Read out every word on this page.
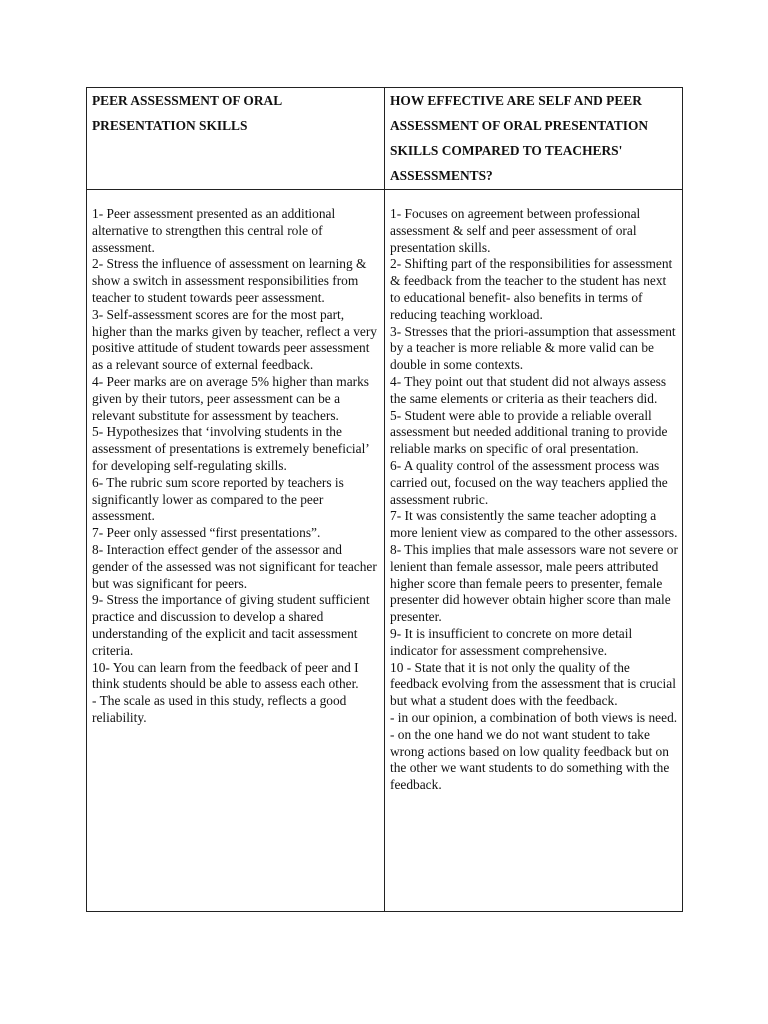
PEER ASSESSMENT OF ORAL PRESENTATION SKILLS
HOW EFFECTIVE ARE SELF AND PEER ASSESSMENT OF ORAL PRESENTATION SKILLS COMPARED TO TEACHERS' ASSESSMENTS?
1- Peer assessment presented as an additional alternative to strengthen this central role of assessment.
2- Stress the influence of assessment on learning & show a switch in assessment responsibilities from teacher to student towards peer assessment.
3- Self-assessment scores are for the most part, higher than the marks given by teacher, reflect a very positive attitude of student towards peer assessment as a relevant source of external feedback.
4- Peer marks are on average 5% higher than marks given by their tutors, peer assessment can be a relevant substitute for assessment by teachers.
5- Hypothesizes that ‘involving students in the assessment of presentations is extremely beneficial’ for developing self-regulating skills.
6- The rubric sum score reported by teachers is significantly lower as compared to the peer assessment.
7- Peer only assessed “first presentations”.
8- Interaction effect gender of the assessor and gender of the assessed was not significant for teacher but was significant for peers.
9- Stress the importance of giving student sufficient practice and discussion to develop a shared understanding of the explicit and tacit assessment criteria.
10- You can learn from the feedback of peer and I think students should be able to assess each other.
- The scale as used in this study, reflects a good reliability.
1- Focuses on agreement between professional assessment & self and peer assessment of oral presentation skills.
2- Shifting part of the responsibilities for assessment & feedback from the teacher to the student has next to educational benefit- also benefits in terms of reducing teaching workload.
3- Stresses that the priori-assumption that assessment by a teacher is more reliable & more valid can be double in some contexts.
4- They point out that student did not always assess the same elements or criteria as their teachers did.
5- Student were able to provide a reliable overall assessment but needed additional traning to provide reliable marks on specific of oral presentation.
6- A quality control of the assessment process was carried out, focused on the way teachers applied the assessment rubric.
7- It was consistently the same teacher adopting a more lenient view as compared to the other assessors.
8- This implies that male assessors ware not severe or lenient than female assessor, male peers attributed higher score than female peers to presenter, female presenter did however obtain higher score than male presenter.
9- It is insufficient to concrete on more detail indicator for assessment comprehensive.
10 - State that it is not only the quality of the feedback evolving from the assessment that is crucial but what a student does with the feedback.
- in our opinion, a combination of both views is need.
- on the one hand we do not want student to take wrong actions based on low quality feedback but on the other we want students to do something with the feedback.
